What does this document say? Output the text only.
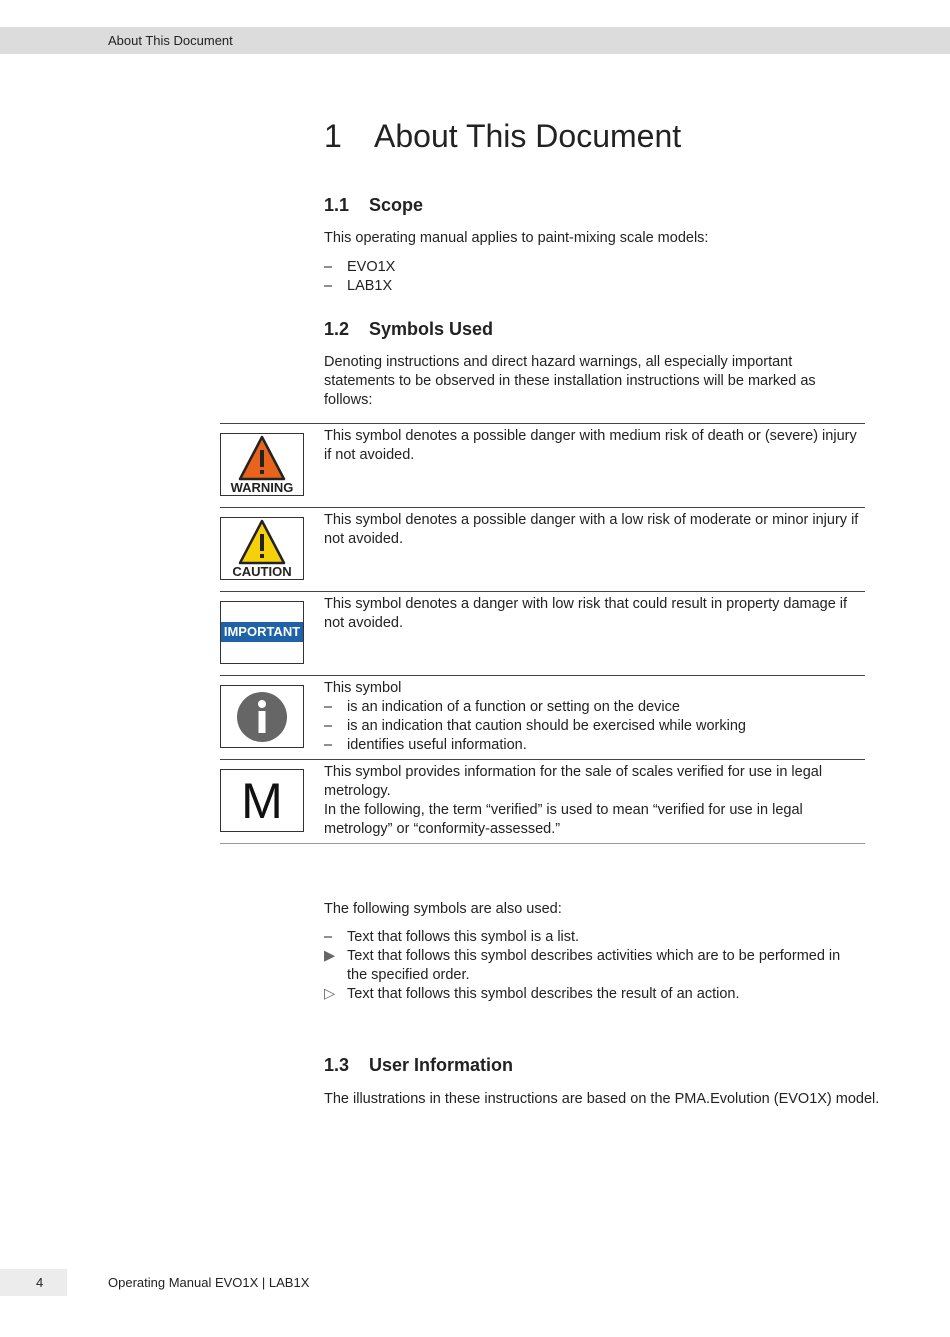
About This Document
1 About This Document
1.1 Scope
This operating manual applies to paint-mixing scale models:
–	EVO1X
–	LAB1X
1.2 Symbols Used
Denoting instructions and direct hazard warnings, all especially important statements to be observed in these installation instructions will be marked as follows:
WARNING
This symbol denotes a possible danger with medium risk of death or (severe) injury if not avoided.
CAUTION
This symbol denotes a possible danger with a low risk of moderate or minor injury if not avoided.
IMPORTANT
This symbol denotes a danger with low risk that could result in property damage if not avoided.
This symbol
– is an indication of a function or setting on the device
– is an indication that caution should be exercised while working
– identifies useful information.
M
This symbol provides information for the sale of scales verified for use in legal metrology.
In the following, the term “verified” is used to mean “verified for use in legal metrology” or “conformity-assessed.”
The following symbols are also used:
–	Text that follows this symbol is a list.
▶ Text that follows this symbol describes activities which are to be performed in the specified order.
▷ Text that follows this symbol describes the result of an action.
1.3 User Information
The illustrations in these instructions are based on the PMA.Evolution (EVO1X) model.
4	Operating Manual EVO1X | LAB1X
